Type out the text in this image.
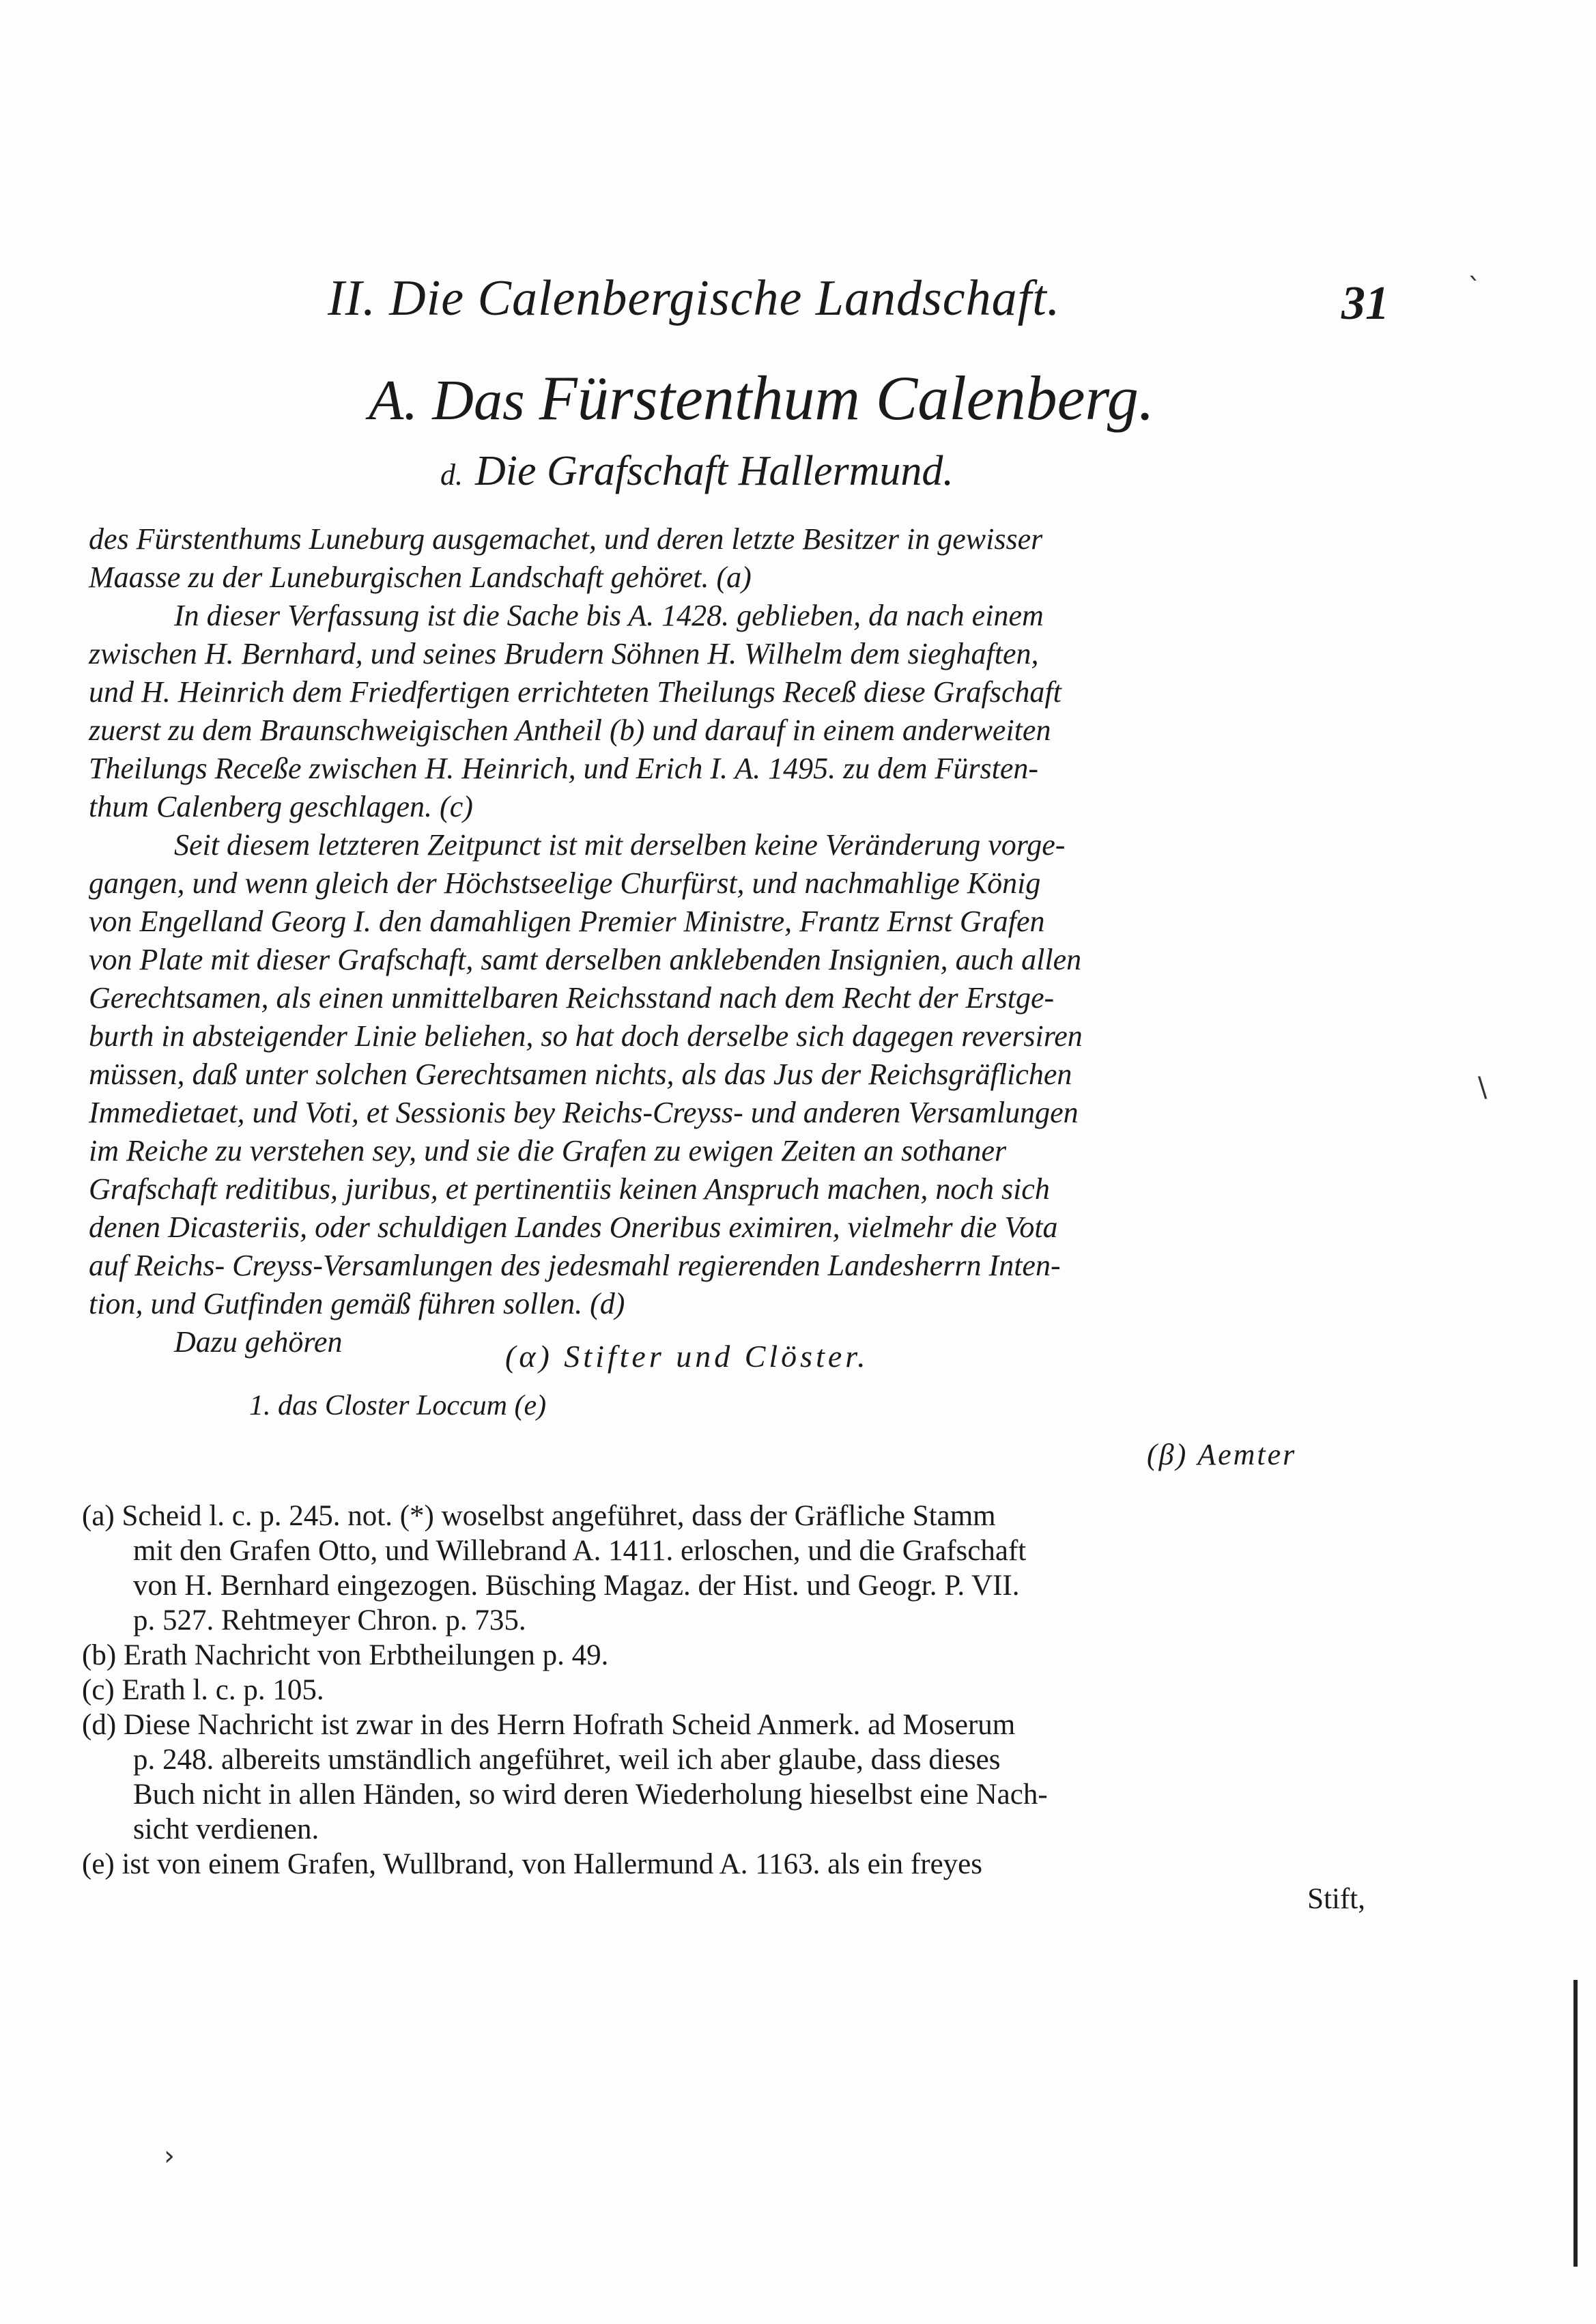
II. Die Calenbergische Landschaft.	31
A. Das Fürstenthum Calenberg.
d. Die Grafschaft Hallermund.
des Fürstenthums Luneburg ausgemachet, und deren letzte Besitzer in gewisser
Maasse zu der Luneburgischen Landschaft gehöret. (a)
In dieser Verfassung ist die Sache bis A. 1428. geblieben, da nach einem
zwischen H. Bernhard, und seines Brudern Söhnen H. Wilhelm dem sieghaften,
und H. Heinrich dem Friedfertigen errichteten Theilungs Receß diese Grafschaft
zuerst zu dem Braunschweigischen Antheil (b) und darauf in einem anderweiten
Theilungs Receße zwischen H. Heinrich, und Erich I. A. 1495. zu dem Fürsten-
thum Calenberg geschlagen. (c)
Seit diesem letzteren Zeitpunct ist mit derselben keine Veränderung vorge-
gangen, und wenn gleich der Höchstseelige Churfürst, und nachmahlige König
von Engelland Georg I. den damahligen Premier Ministre, Frantz Ernst Grafen
von Plate mit dieser Grafschaft, samt derselben anklebenden Insignien, auch allen
Gerechtsamen, als einen unmittelbaren Reichsstand nach dem Recht der Erstge-
burth in absteigender Linie beliehen, so hat doch derselbe sich dagegen reversiren
müssen, daß unter solchen Gerechtsamen nichts, als das Jus der Reichsgräflichen
Immedietaet, und Voti, et Sessionis bey Reichs-Creyss- und anderen Versamlungen
im Reiche zu verstehen sey, und sie die Grafen zu ewigen Zeiten an sothaner
Grafschaft reditibus, juribus, et pertinentiis keinen Anspruch machen, noch sich
denen Dicasteriis, oder schuldigen Landes Oneribus eximiren, vielmehr die Vota
auf Reichs- Creyss-Versamlungen des jedesmahl regierenden Landesherrn Inten-
tion, und Gutfinden gemäß führen sollen. (d)
Dazu gehören	(α) Stifter und Clöster.
1. das Closter Loccum (e)
(β) Aemter
(a) Scheid l. c. p. 245. not. (*) woselbst angeführet, dass der Gräfliche Stamm
mit den Grafen Otto, und Willebrand A. 1411. erloschen, und die Grafschaft
von H. Bernhard eingezogen. Büsching Magaz. der Hist. und Geogr. P. VII.
p. 527. Rehtmeyer Chron. p. 735.
(b) Erath Nachricht von Erbtheilungen p. 49.
(c) Erath l. c. p. 105.
(d) Diese Nachricht ist zwar in des Herrn Hofrath Scheid Anmerk. ad Moserum
p. 248. albereits umständlich angeführet, weil ich aber glaube, dass dieses
Buch nicht in allen Händen, so wird deren Wiederholung hieselbst eine Nach-
sicht verdienen.
(e) ist von einem Grafen, Wullbrand, von Hallermund A. 1163. als ein freyes
Stift,
`
\
›
